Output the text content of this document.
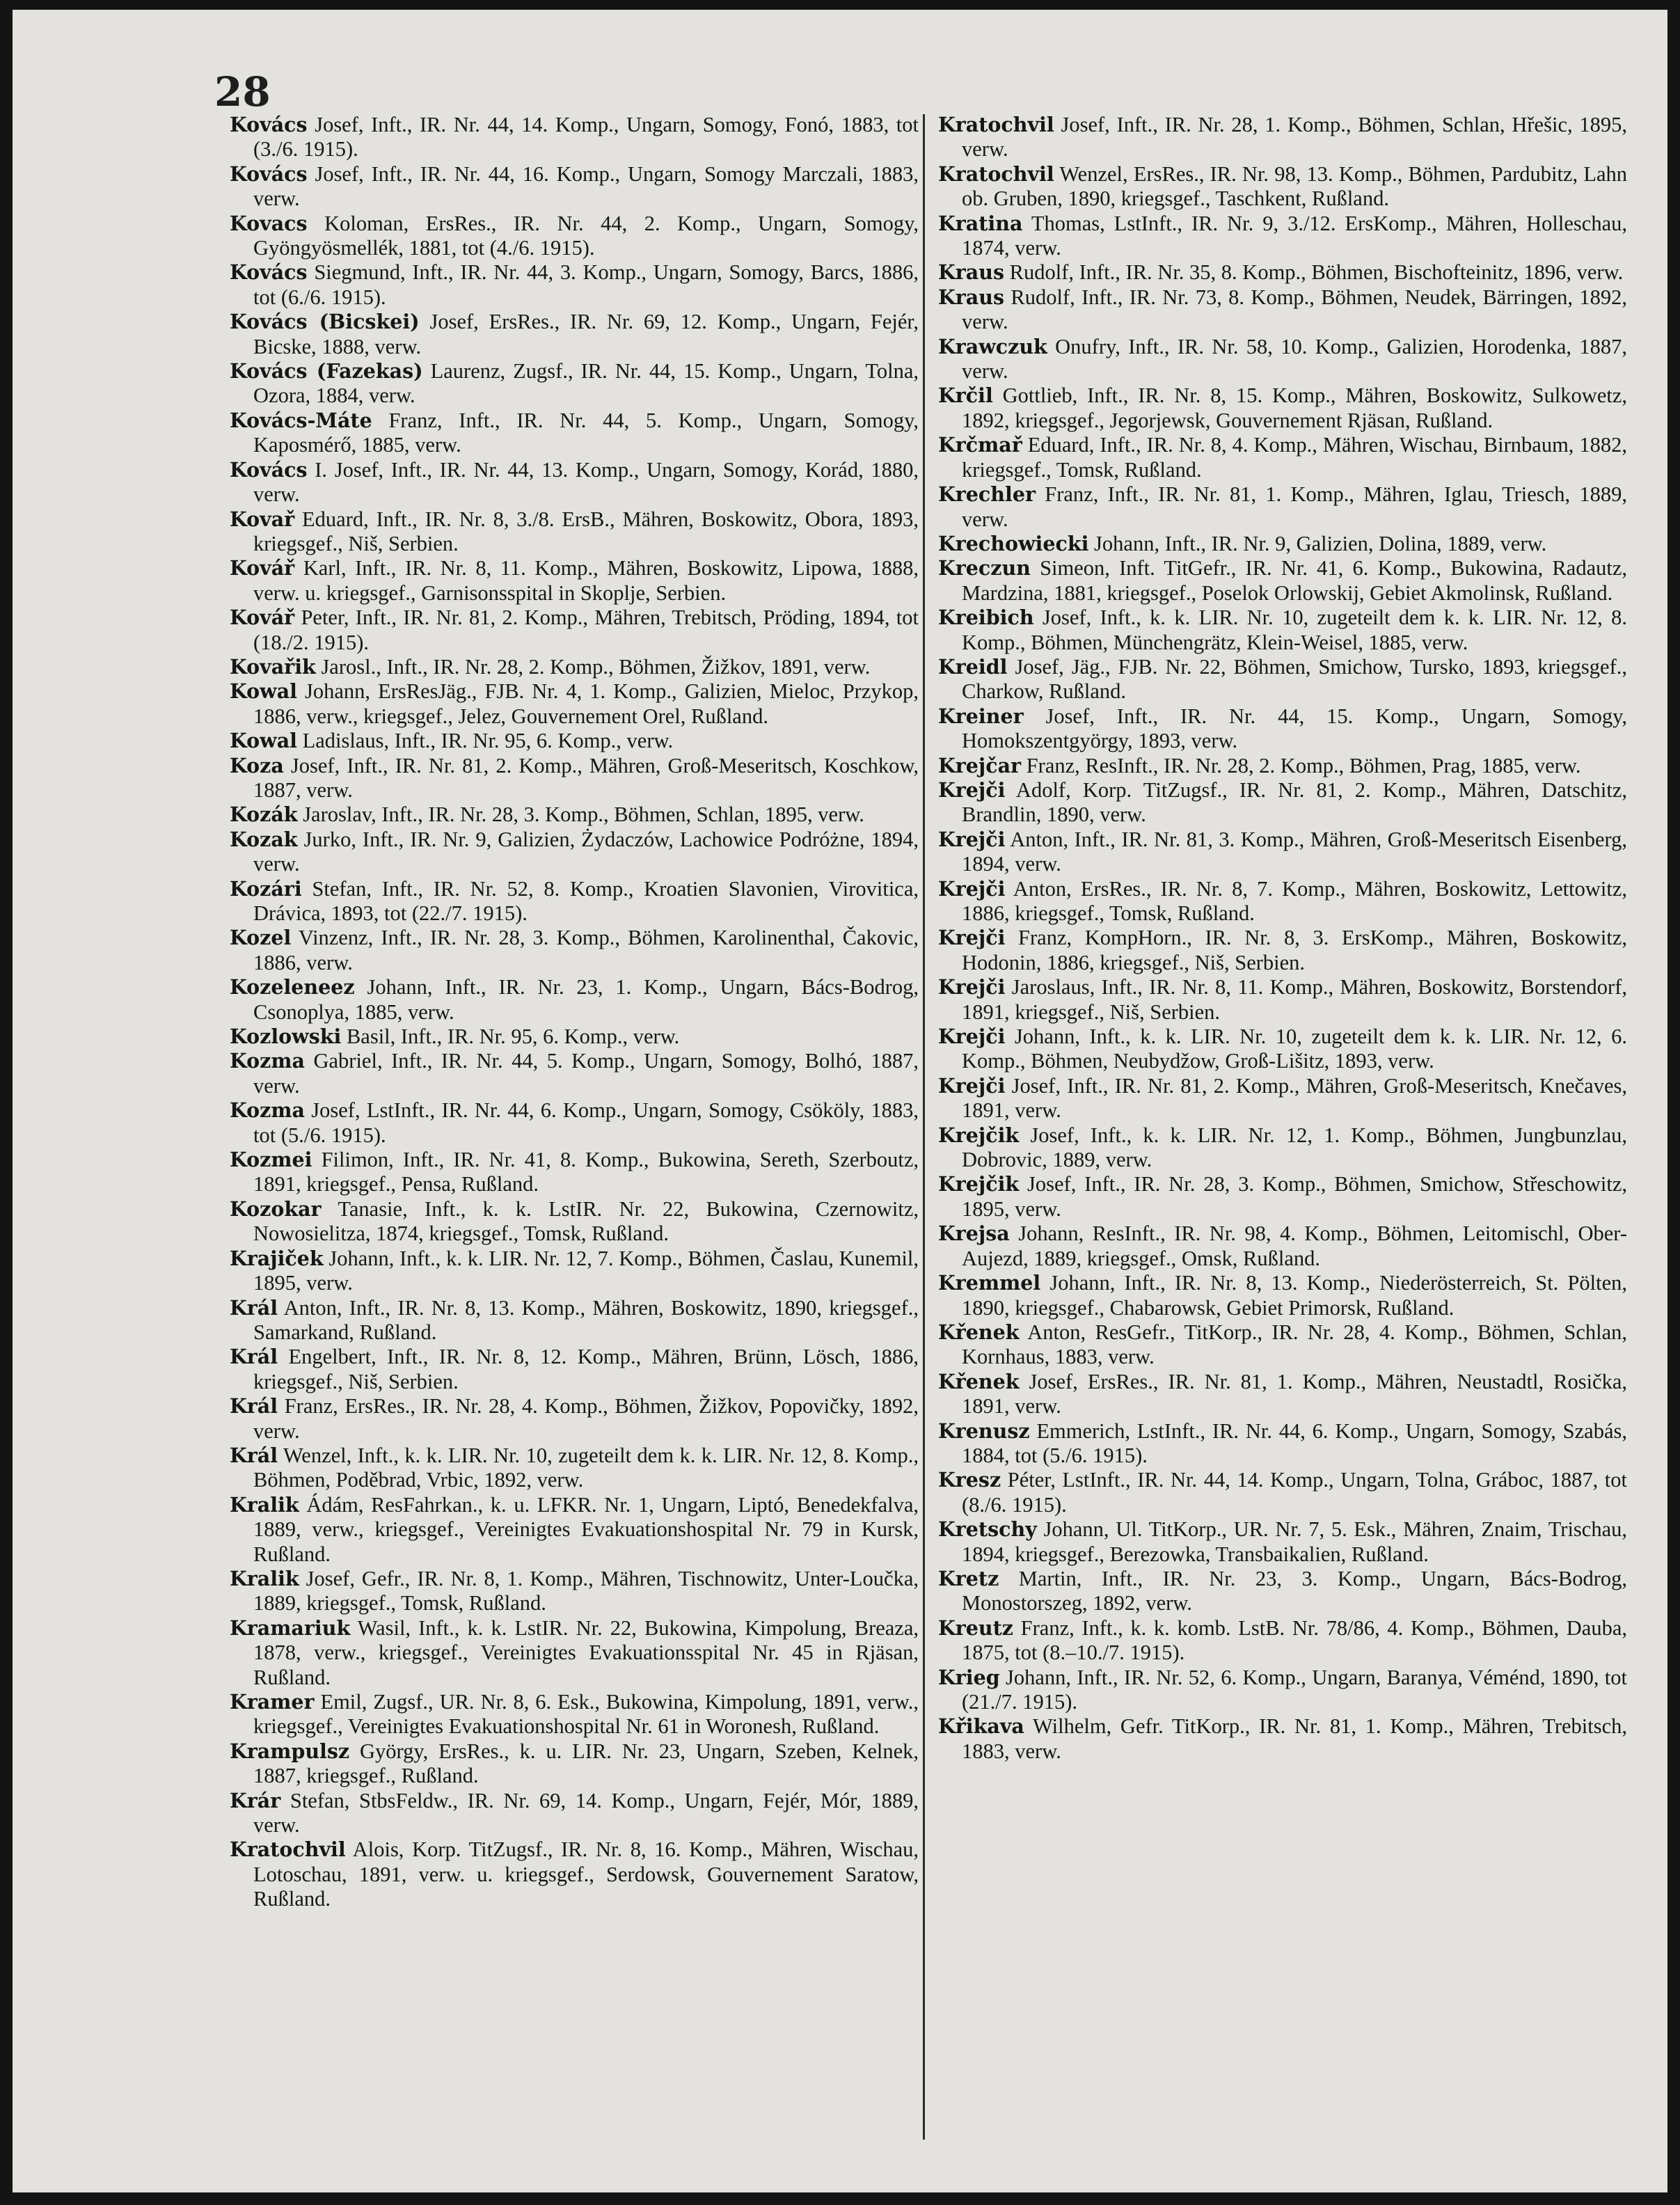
28

Kovács Josef, Inft., IR. Nr. 44, 14. Komp., Ungarn, Somogy, Fonó, 1883, tot (3./6. 1915).

Kovács Josef, Inft., IR. Nr. 44, 16. Komp., Ungarn, Somogy Marczali, 1883, verw.

Kovacs Koloman, ErsRes., IR. Nr. 44, 2. Komp., Ungarn, Somogy, Gyöngyösmellék, 1881, tot (4./6. 1915).

Kovács Siegmund, Inft., IR. Nr. 44, 3. Komp., Ungarn, Somogy, Barcs, 1886, tot (6./6. 1915).

Kovács (Bicskei) Josef, ErsRes., IR. Nr. 69, 12. Komp., Ungarn, Fejér, Bicske, 1888, verw.

Kovács (Fazekas) Laurenz, Zugsf., IR. Nr. 44, 15. Komp., Ungarn, Tolna, Ozora, 1884, verw.

Kovács-Máte Franz, Inft., IR. Nr. 44, 5. Komp., Ungarn, Somogy, Kaposmérő, 1885, verw.

Kovács I. Josef, Inft., IR. Nr. 44, 13. Komp., Ungarn, Somogy, Korád, 1880, verw.

Kovař Eduard, Inft., IR. Nr. 8, 3./8. ErsB., Mähren, Boskowitz, Obora, 1893, kriegsgef., Niš, Serbien.

Kovář Karl, Inft., IR. Nr. 8, 11. Komp., Mähren, Boskowitz, Lipowa, 1888, verw. u. kriegsgef., Garnisonsspital in Skoplje, Serbien.

Kovář Peter, Inft., IR. Nr. 81, 2. Komp., Mähren, Trebitsch, Pröding, 1894, tot (18./2. 1915).

Kovařik Jarosl., Inft., IR. Nr. 28, 2. Komp., Böhmen, Žižkov, 1891, verw.

Kowal Johann, ErsResJäg., FJB. Nr. 4, 1. Komp., Galizien, Mieloc, Przykop, 1886, verw., kriegsgef., Jelez, Gouvernement Orel, Rußland.

Kowal Ladislaus, Inft., IR. Nr. 95, 6. Komp., verw.

Koza Josef, Inft., IR. Nr. 81, 2. Komp., Mähren, Groß-Meseritsch, Koschkow, 1887, verw.

Kozák Jaroslav, Inft., IR. Nr. 28, 3. Komp., Böhmen, Schlan, 1895, verw.

Kozak Jurko, Inft., IR. Nr. 9, Galizien, Żydaczów, Lachowice Podróżne, 1894, verw.

Kozári Stefan, Inft., IR. Nr. 52, 8. Komp., Kroatien Slavonien, Virovitica, Drávica, 1893, tot (22./7. 1915).

Kozel Vinzenz, Inft., IR. Nr. 28, 3. Komp., Böhmen, Karolinenthal, Čakovic, 1886, verw.

Kozeleneez Johann, Inft., IR. Nr. 23, 1. Komp., Ungarn, Bács-Bodrog, Csonoplya, 1885, verw.

Kozlowski Basil, Inft., IR. Nr. 95, 6. Komp., verw.

Kozma Gabriel, Inft., IR. Nr. 44, 5. Komp., Ungarn, Somogy, Bolhó, 1887, verw.

Kozma Josef, LstInft., IR. Nr. 44, 6. Komp., Ungarn, Somogy, Csököly, 1883, tot (5./6. 1915).

Kozmei Filimon, Inft., IR. Nr. 41, 8. Komp., Bukowina, Sereth, Szerboutz, 1891, kriegsgef., Pensa, Rußland.

Kozokar Tanasie, Inft., k. k. LstIR. Nr. 22, Bukowina, Czernowitz, Nowosielitza, 1874, kriegsgef., Tomsk, Rußland.

Krajiček Johann, Inft., k. k. LIR. Nr. 12, 7. Komp., Böhmen, Časlau, Kunemil, 1895, verw.

Král Anton, Inft., IR. Nr. 8, 13. Komp., Mähren, Boskowitz, 1890, kriegsgef., Samarkand, Rußland.

Král Engelbert, Inft., IR. Nr. 8, 12. Komp., Mähren, Brünn, Lösch, 1886, kriegsgef., Niš, Serbien.

Král Franz, ErsRes., IR. Nr. 28, 4. Komp., Böhmen, Žižkov, Popovičky, 1892, verw.

Král Wenzel, Inft., k. k. LIR. Nr. 10, zugeteilt dem k. k. LIR. Nr. 12, 8. Komp., Böhmen, Poděbrad, Vrbic, 1892, verw.

Kralik Ádám, ResFahrkan., k. u. LFKR. Nr. 1, Ungarn, Liptó, Benedekfalva, 1889, verw., kriegsgef., Vereinigtes Evakuationshospital Nr. 79 in Kursk, Rußland.

Kralik Josef, Gefr., IR. Nr. 8, 1. Komp., Mähren, Tischnowitz, Unter-Loučka, 1889, kriegsgef., Tomsk, Rußland.

Kramariuk Wasil, Inft., k. k. LstIR. Nr. 22, Bukowina, Kimpolung, Breaza, 1878, verw., kriegsgef., Vereinigtes Evakuationsspital Nr. 45 in Rjäsan, Rußland.

Kramer Emil, Zugsf., UR. Nr. 8, 6. Esk., Bukowina, Kimpolung, 1891, verw., kriegsgef., Vereinigtes Evakuationshospital Nr. 61 in Woronesh, Rußland.

Krampulsz György, ErsRes., k. u. LIR. Nr. 23, Ungarn, Szeben, Kelnek, 1887, kriegsgef., Rußland.

Krár Stefan, StbsFeldw., IR. Nr. 69, 14. Komp., Ungarn, Fejér, Mór, 1889, verw.

Kratochvil Alois, Korp. TitZugsf., IR. Nr. 8, 16. Komp., Mähren, Wischau, Lotoschau, 1891, verw. u. kriegsgef., Serdowsk, Gouvernement Saratow, Rußland.

Kratochvil Josef, Inft., IR. Nr. 28, 1. Komp., Böhmen, Schlan, Hřešic, 1895, verw.

Kratochvil Wenzel, ErsRes., IR. Nr. 98, 13. Komp., Böhmen, Pardubitz, Lahn ob. Gruben, 1890, kriegsgef., Taschkent, Rußland.

Kratina Thomas, LstInft., IR. Nr. 9, 3./12. ErsKomp., Mähren, Holleschau, 1874, verw.

Kraus Rudolf, Inft., IR. Nr. 35, 8. Komp., Böhmen, Bischofteinitz, 1896, verw.

Kraus Rudolf, Inft., IR. Nr. 73, 8. Komp., Böhmen, Neudek, Bärringen, 1892, verw.

Krawczuk Onufry, Inft., IR. Nr. 58, 10. Komp., Galizien, Horodenka, 1887, verw.

Krčil Gottlieb, Inft., IR. Nr. 8, 15. Komp., Mähren, Boskowitz, Sulkowetz, 1892, kriegsgef., Jegorjewsk, Gouvernement Rjäsan, Rußland.

Krčmař Eduard, Inft., IR. Nr. 8, 4. Komp., Mähren, Wischau, Birnbaum, 1882, kriegsgef., Tomsk, Rußland.

Krechler Franz, Inft., IR. Nr. 81, 1. Komp., Mähren, Iglau, Triesch, 1889, verw.

Krechowiecki Johann, Inft., IR. Nr. 9, Galizien, Dolina, 1889, verw.

Kreczun Simeon, Inft. TitGefr., IR. Nr. 41, 6. Komp., Bukowina, Radautz, Mardzina, 1881, kriegsgef., Poselok Orlowskij, Gebiet Akmolinsk, Rußland.

Kreibich Josef, Inft., k. k. LIR. Nr. 10, zugeteilt dem k. k. LIR. Nr. 12, 8. Komp., Böhmen, Münchengrätz, Klein-Weisel, 1885, verw.

Kreidl Josef, Jäg., FJB. Nr. 22, Böhmen, Smichow, Tursko, 1893, kriegsgef., Charkow, Rußland.

Kreiner Josef, Inft., IR. Nr. 44, 15. Komp., Ungarn, Somogy, Homokszentgyörgy, 1893, verw.

Krejčar Franz, ResInft., IR. Nr. 28, 2. Komp., Böhmen, Prag, 1885, verw.

Krejči Adolf, Korp. TitZugsf., IR. Nr. 81, 2. Komp., Mähren, Datschitz, Brandlin, 1890, verw.

Krejči Anton, Inft., IR. Nr. 81, 3. Komp., Mähren, Groß-Meseritsch Eisenberg, 1894, verw.

Krejči Anton, ErsRes., IR. Nr. 8, 7. Komp., Mähren, Boskowitz, Lettowitz, 1886, kriegsgef., Tomsk, Rußland.

Krejči Franz, KompHorn., IR. Nr. 8, 3. ErsKomp., Mähren, Boskowitz, Hodonin, 1886, kriegsgef., Niš, Serbien.

Krejči Jaroslaus, Inft., IR. Nr. 8, 11. Komp., Mähren, Boskowitz, Borstendorf, 1891, kriegsgef., Niš, Serbien.

Krejči Johann, Inft., k. k. LIR. Nr. 10, zugeteilt dem k. k. LIR. Nr. 12, 6. Komp., Böhmen, Neubydžow, Groß-Lišitz, 1893, verw.

Krejči Josef, Inft., IR. Nr. 81, 2. Komp., Mähren, Groß-Meseritsch, Knečaves, 1891, verw.

Krejčik Josef, Inft., k. k. LIR. Nr. 12, 1. Komp., Böhmen, Jungbunzlau, Dobrovic, 1889, verw.

Krejčik Josef, Inft., IR. Nr. 28, 3. Komp., Böhmen, Smichow, Střeschowitz, 1895, verw.

Krejsa Johann, ResInft., IR. Nr. 98, 4. Komp., Böhmen, Leitomischl, Ober-Aujezd, 1889, kriegsgef., Omsk, Rußland.

Kremmel Johann, Inft., IR. Nr. 8, 13. Komp., Niederösterreich, St. Pölten, 1890, kriegsgef., Chabarowsk, Gebiet Primorsk, Rußland.

Křenek Anton, ResGefr., TitKorp., IR. Nr. 28, 4. Komp., Böhmen, Schlan, Kornhaus, 1883, verw.

Křenek Josef, ErsRes., IR. Nr. 81, 1. Komp., Mähren, Neustadtl, Rosička, 1891, verw.

Krenusz Emmerich, LstInft., IR. Nr. 44, 6. Komp., Ungarn, Somogy, Szabás, 1884, tot (5./6. 1915).

Kresz Péter, LstInft., IR. Nr. 44, 14. Komp., Ungarn, Tolna, Gráboc, 1887, tot (8./6. 1915).

Kretschy Johann, Ul. TitKorp., UR. Nr. 7, 5. Esk., Mähren, Znaim, Trischau, 1894, kriegsgef., Berezowka, Transbaikalien, Rußland.

Kretz Martin, Inft., IR. Nr. 23, 3. Komp., Ungarn, Bács-Bodrog, Monostorszeg, 1892, verw.

Kreutz Franz, Inft., k. k. komb. LstB. Nr. 78/86, 4. Komp., Böhmen, Dauba, 1875, tot (8.–10./7. 1915).

Krieg Johann, Inft., IR. Nr. 52, 6. Komp., Ungarn, Baranya, Véménd, 1890, tot (21./7. 1915).

Křikava Wilhelm, Gefr. TitKorp., IR. Nr. 81, 1. Komp., Mähren, Trebitsch, 1883, verw.
